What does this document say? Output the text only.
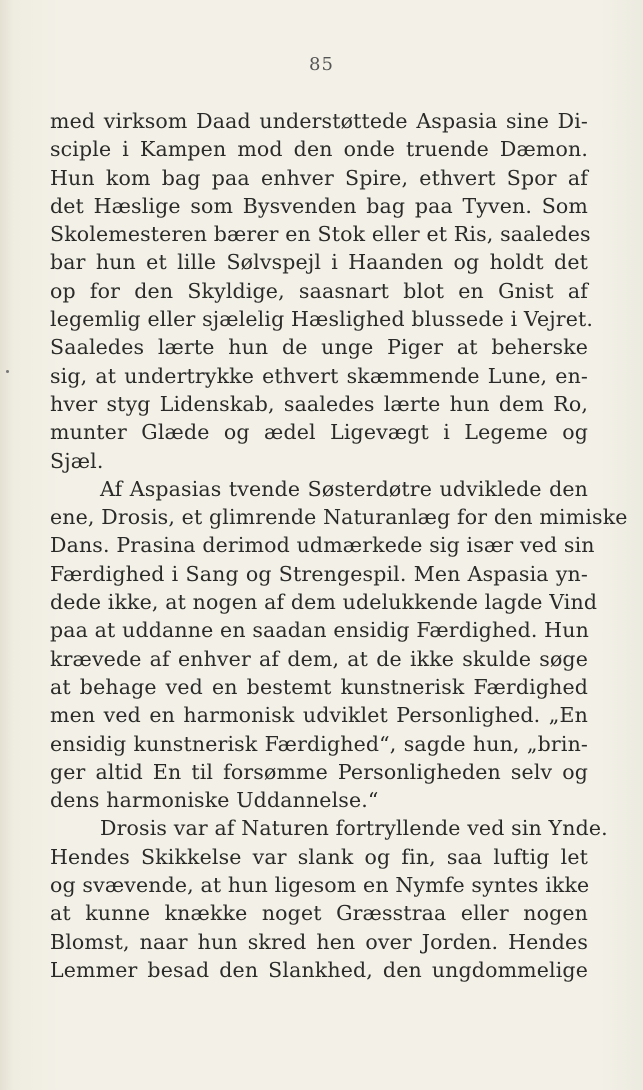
85
med virksom Daad understøttede Aspasia sine Di-
sciple i Kampen mod den onde truende Dæmon.
Hun kom bag paa enhver Spire, ethvert Spor af
det Hæslige som Bysvenden bag paa Tyven. Som
Skolemesteren bærer en Stok eller et Ris, saaledes
bar hun et lille Sølvspejl i Haanden og holdt det
op for den Skyldige, saasnart blot en Gnist af
legemlig eller sjælelig Hæslighed blussede i Vejret.
Saaledes lærte hun de unge Piger at beherske
sig, at undertrykke ethvert skæmmende Lune, en-
hver styg Lidenskab, saaledes lærte hun dem Ro,
munter Glæde og ædel Ligevægt i Legeme og
Sjæl.
Af Aspasias tvende Søsterdøtre udviklede den
ene, Drosis, et glimrende Naturanlæg for den mimiske
Dans. Prasina derimod udmærkede sig især ved sin
Færdighed i Sang og Strengespil. Men Aspasia yn-
dede ikke, at nogen af dem udelukkende lagde Vind
paa at uddanne en saadan ensidig Færdighed. Hun
krævede af enhver af dem, at de ikke skulde søge
at behage ved en bestemt kunstnerisk Færdighed
men ved en harmonisk udviklet Personlighed. „En
ensidig kunstnerisk Færdighed“, sagde hun, „brin-
ger altid En til forsømme Personligheden selv og
dens harmoniske Uddannelse.“
Drosis var af Naturen fortryllende ved sin Ynde.
Hendes Skikkelse var slank og fin, saa luftig let
og svævende, at hun ligesom en Nymfe syntes ikke
at kunne knække noget Græsstraa eller nogen
Blomst, naar hun skred hen over Jorden. Hendes
Lemmer besad den Slankhed, den ungdommelige
